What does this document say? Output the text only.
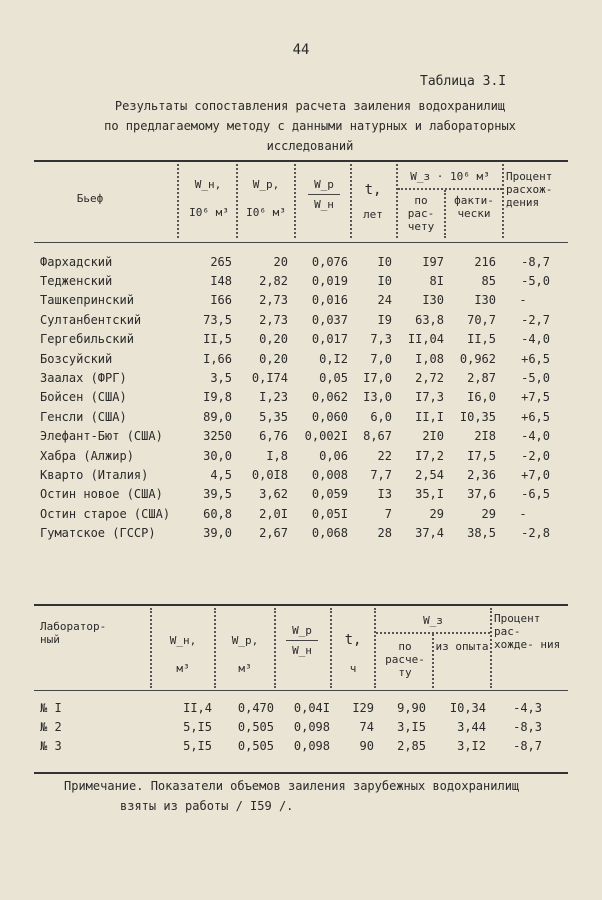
44
Таблица 3.I
Результаты сопоставления расчета заиления водохранилищ
по предлагаемому методу с данными натурных и лабораторных
исследований
Бьеф
W_н,
I0⁶ м³
W_р,
I0⁶ м³
W_р
W_н
t,
лет
W_з · 10⁶ м³
по рас- чету
факти- чески
Процент расхож- дения
Фархадский	265	20	0,076	I0	I97	216	-8,7
Тедженский	I48	2,82	0,019	I0	8I	85	-5,0
Ташкепринский	I66	2,73	0,016	24	I30	I30	-
Султанбентский	73,5	2,73	0,037	I9	63,8	70,7	-2,7
Гергебильский	II,5	0,20	0,017	7,3	II,04	II,5	-4,0
Бозсуйский	I,66	0,20	0,I2	7,0	I,08	0,962	+6,5
Заалах (ФРГ)	3,5	0,I74	0,05	I7,0	2,72	2,87	-5,0
Бойсен (США)	I9,8	I,23	0,062	I3,0	I7,3	I6,0	+7,5
Генсли (США)	89,0	5,35	0,060	6,0	II,I	I0,35	+6,5
Элефант-Бют (США)	3250	6,76	0,002I	8,67	2I0	2I8	-4,0
Хабра (Алжир)	30,0	I,8	0,06	22	I7,2	I7,5	-2,0
Кварто (Италия)	4,5	0,0I8	0,008	7,7	2,54	2,36	+7,0
Остин новое (США)	39,5	3,62	0,059	I3	35,I	37,6	-6,5
Остин старое (США)	60,8	2,0I	0,05I	7	29	29	-
Гуматское (ГССР)	39,0	2,67	0,068	28	37,4	38,5	-2,8
Лаборатор- ный	W_н,
м³
W_р,
м³
W_р
W_н
t,
ч
W_з
по расче- ту
из опыта
Процент рас- хожде- ния
№ I	II,4	0,470	0,04I	I29	9,90	I0,34	-4,3
№ 2	5,I5	0,505	0,098	74	3,I5	3,44	-8,3
№ 3	5,I5	0,505	0,098	90	2,85	3,I2	-8,7
Примечание. Показатели объемов заиления зарубежных водохранилищ
взяты из работы / I59 /.
